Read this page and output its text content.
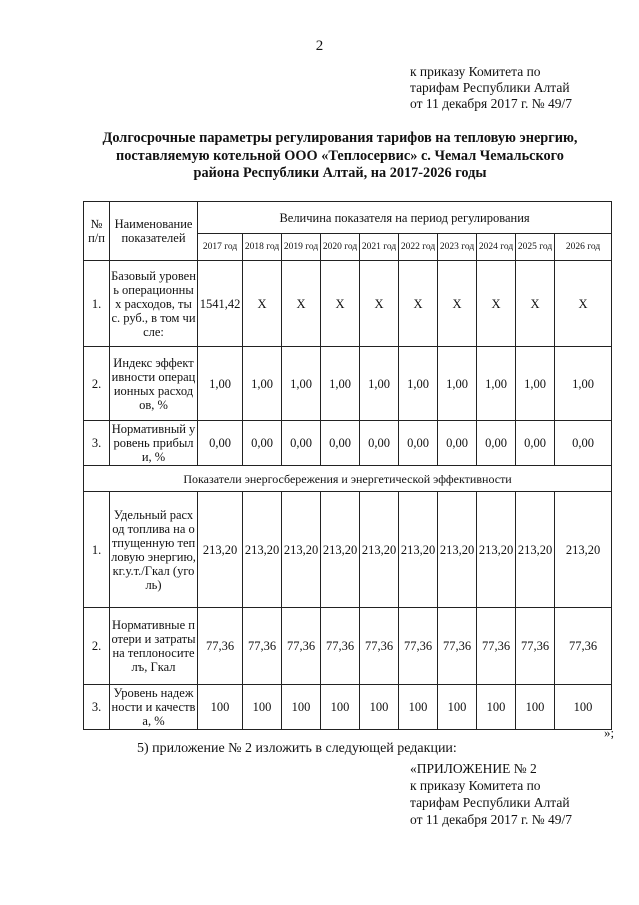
2
к приказу Комитета по
тарифам Республики Алтай
от 11 декабря 2017 г. № 49/7
Долгосрочные параметры регулирования тарифов на тепловую энергию,
поставляемую котельной ООО «Теплосервис» с. Чемал Чемальского
района Республики Алтай, на 2017-2026 годы
№ п/п	Наименование показателей	Величина показателя на период регулирования									
		2017 год	2018 год	2019 год	2020 год	2021 год	2022 год	2023 год	2024 год	2025 год	2026 год
1.	Базовый уровень операционных расходов, тыс. руб., в том числе:	1541,42	X	X	X	X	X	X	X	X	X
2.	Индекс эффективности операционных расходов, %	1,00	1,00	1,00	1,00	1,00	1,00	1,00	1,00	1,00	1,00
3.	Нормативный уровень прибыли, %	0,00	0,00	0,00	0,00	0,00	0,00	0,00	0,00	0,00	0,00
Показатели энергосбережения и энергетической эффективности											
1.	Удельный расход топлива на отпущенную тепловую энергию, кг.у.т./Гкал (уголь)	213,20	213,20	213,20	213,20	213,20	213,20	213,20	213,20	213,20	213,20
2.	Нормативные потери и затраты на теплоносителъ, Гкал	77,36	77,36	77,36	77,36	77,36	77,36	77,36	77,36	77,36	77,36
3.	Уровень надежности и качества, %	100	100	100	100	100	100	100	100	100	100
»;
5) приложение № 2 изложить в следующей редакции:
«ПРИЛОЖЕНИЕ № 2
к приказу Комитета по
тарифам Республики Алтай
от 11 декабря 2017 г. № 49/7
